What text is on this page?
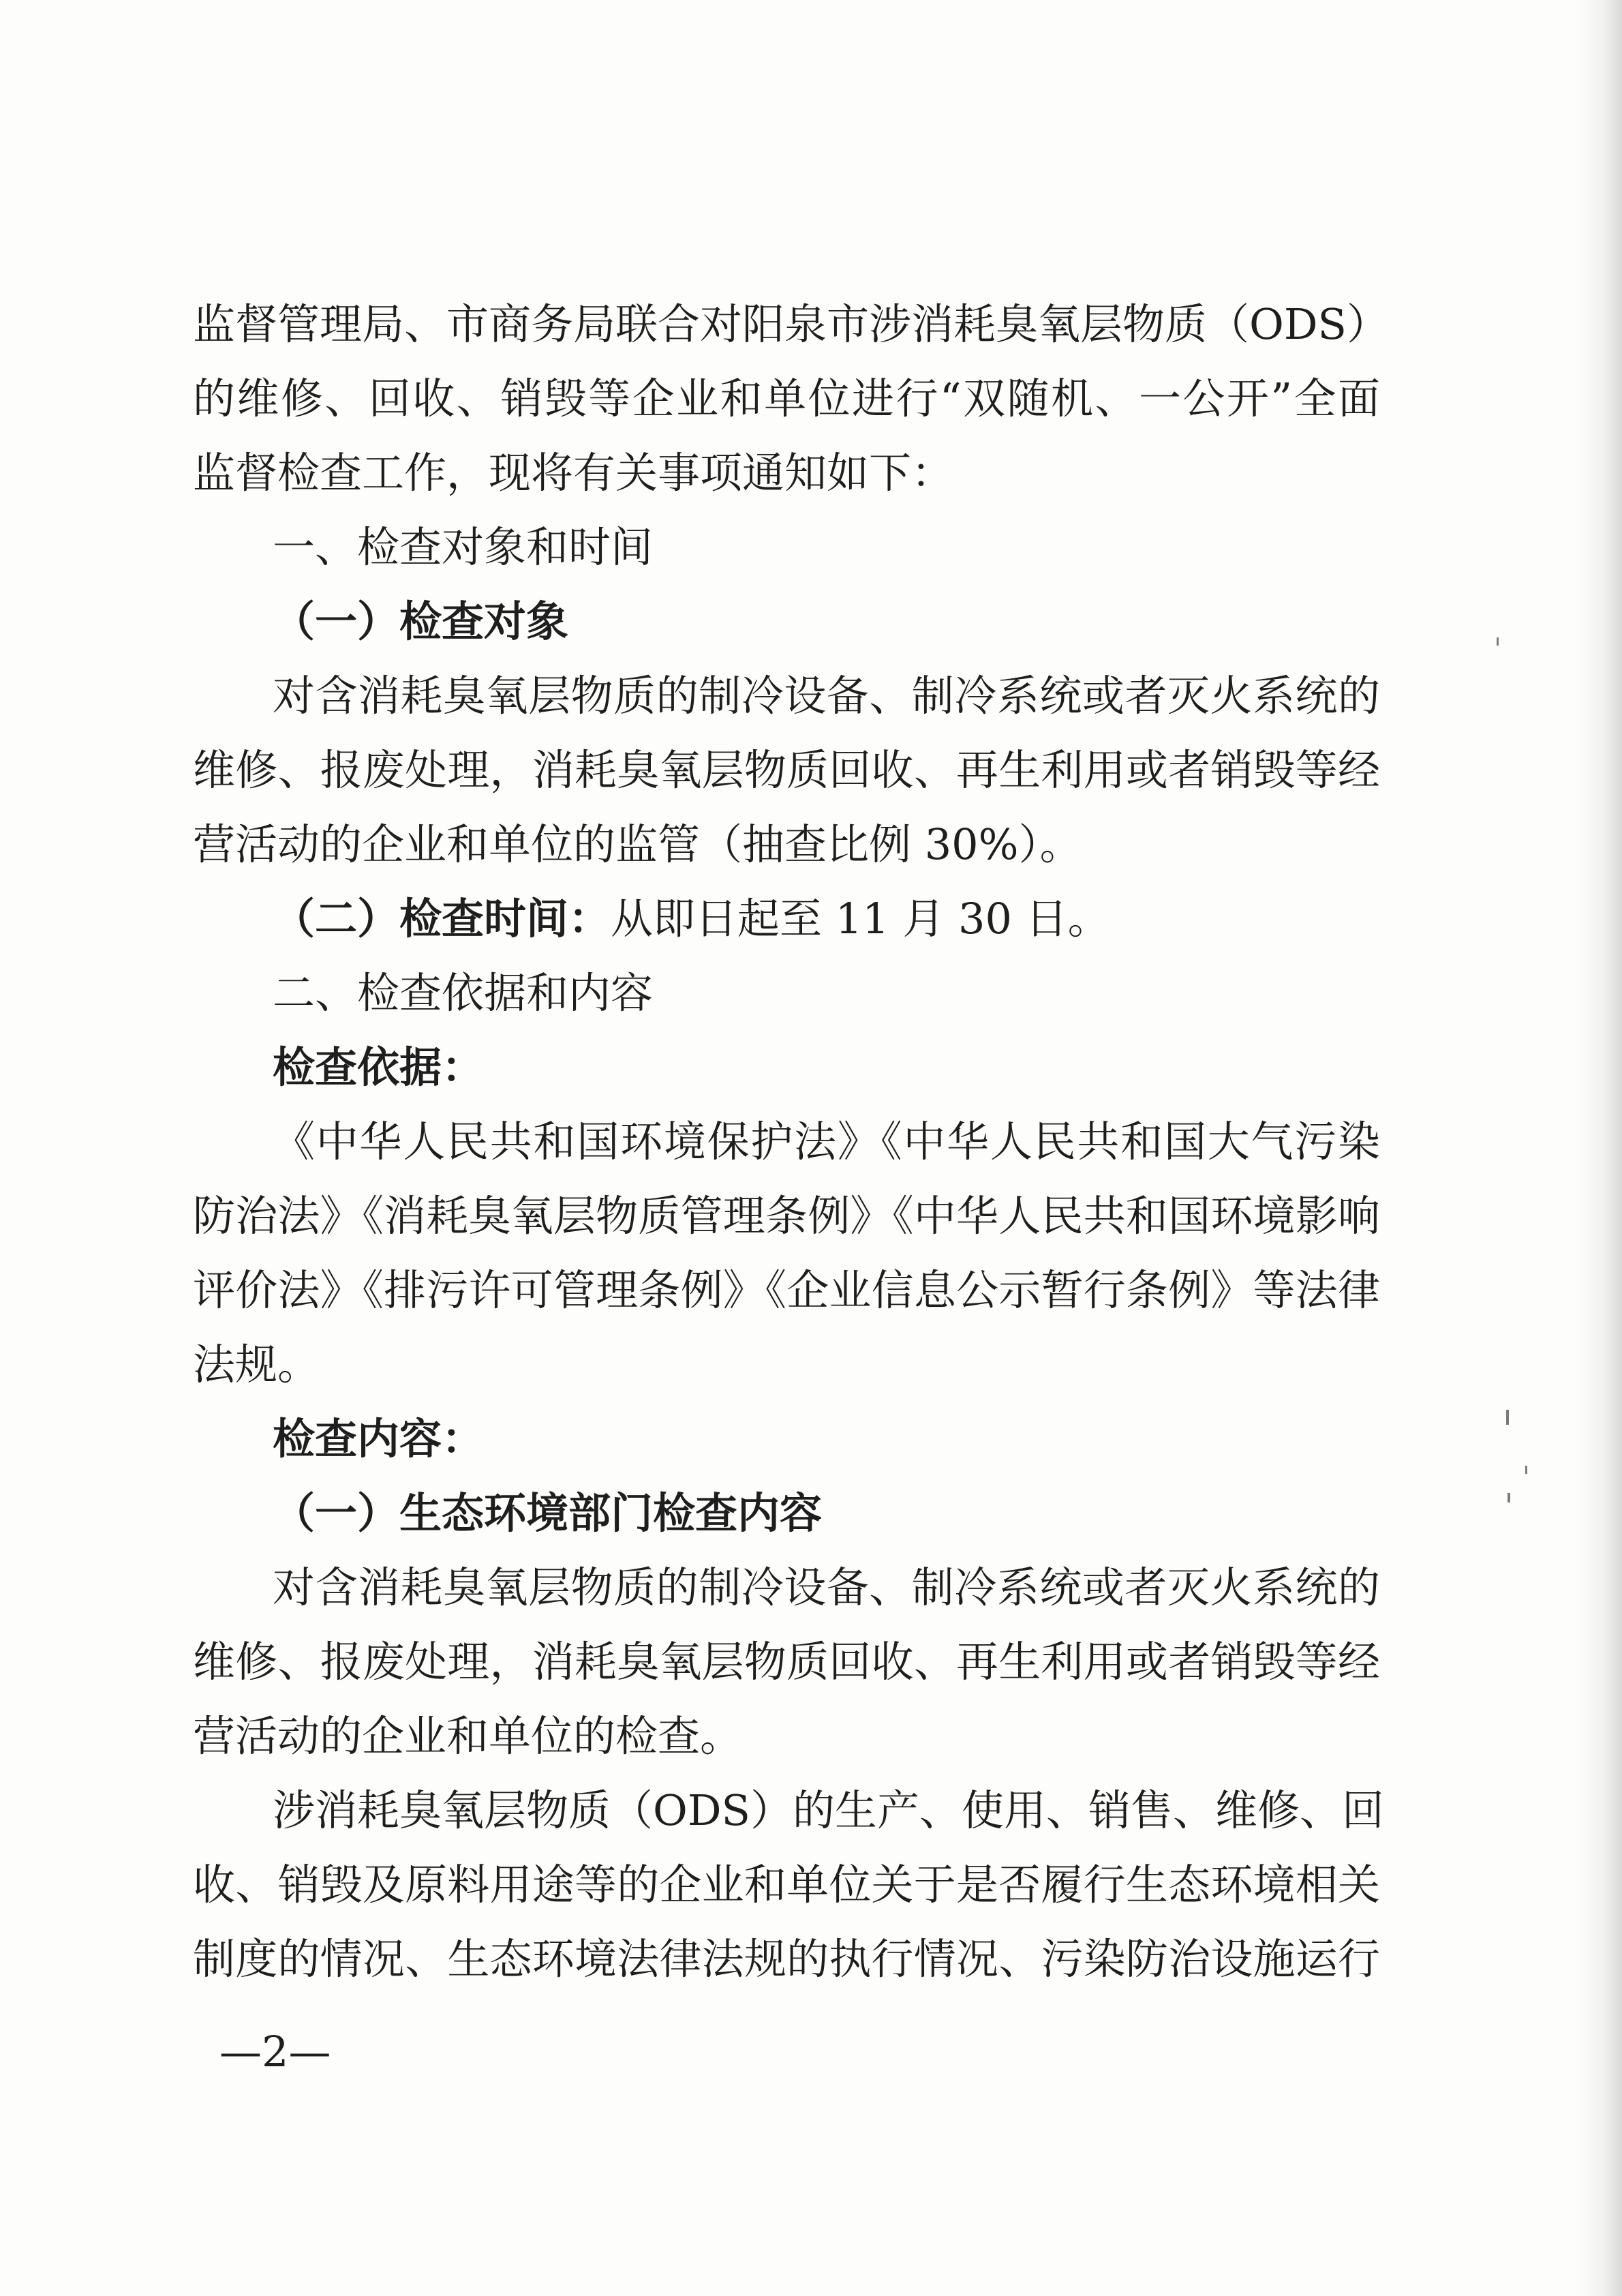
监督管理局、市商务局联合对阳泉市涉消耗臭氧层物质（ODS）
的维修、回收、销毁等企业和单位进行“双随机、一公开”全面
监督检查工作，现将有关事项通知如下：
一、检查对象和时间
（一）检查对象
对含消耗臭氧层物质的制冷设备、制冷系统或者灭火系统的
维修、报废处理，消耗臭氧层物质回收、再生利用或者销毁等经
营活动的企业和单位的监管（抽查比例 30%）。
（二）检查时间：从即日起至 11 月 30 日。
二、检查依据和内容
检查依据：
《中华人民共和国环境保护法》《中华人民共和国大气污染
防治法》《消耗臭氧层物质管理条例》《中华人民共和国环境影响
评价法》《排污许可管理条例》《企业信息公示暂行条例》等法律
法规。
检查内容：
（一）生态环境部门检查内容
对含消耗臭氧层物质的制冷设备、制冷系统或者灭火系统的
维修、报废处理，消耗臭氧层物质回收、再生利用或者销毁等经
营活动的企业和单位的检查。
涉消耗臭氧层物质（ODS）的生产、使用、销售、维修、回
收、销毁及原料用途等的企业和单位关于是否履行生态环境相关
制度的情况、生态环境法律法规的执行情况、污染防治设施运行
—2—
